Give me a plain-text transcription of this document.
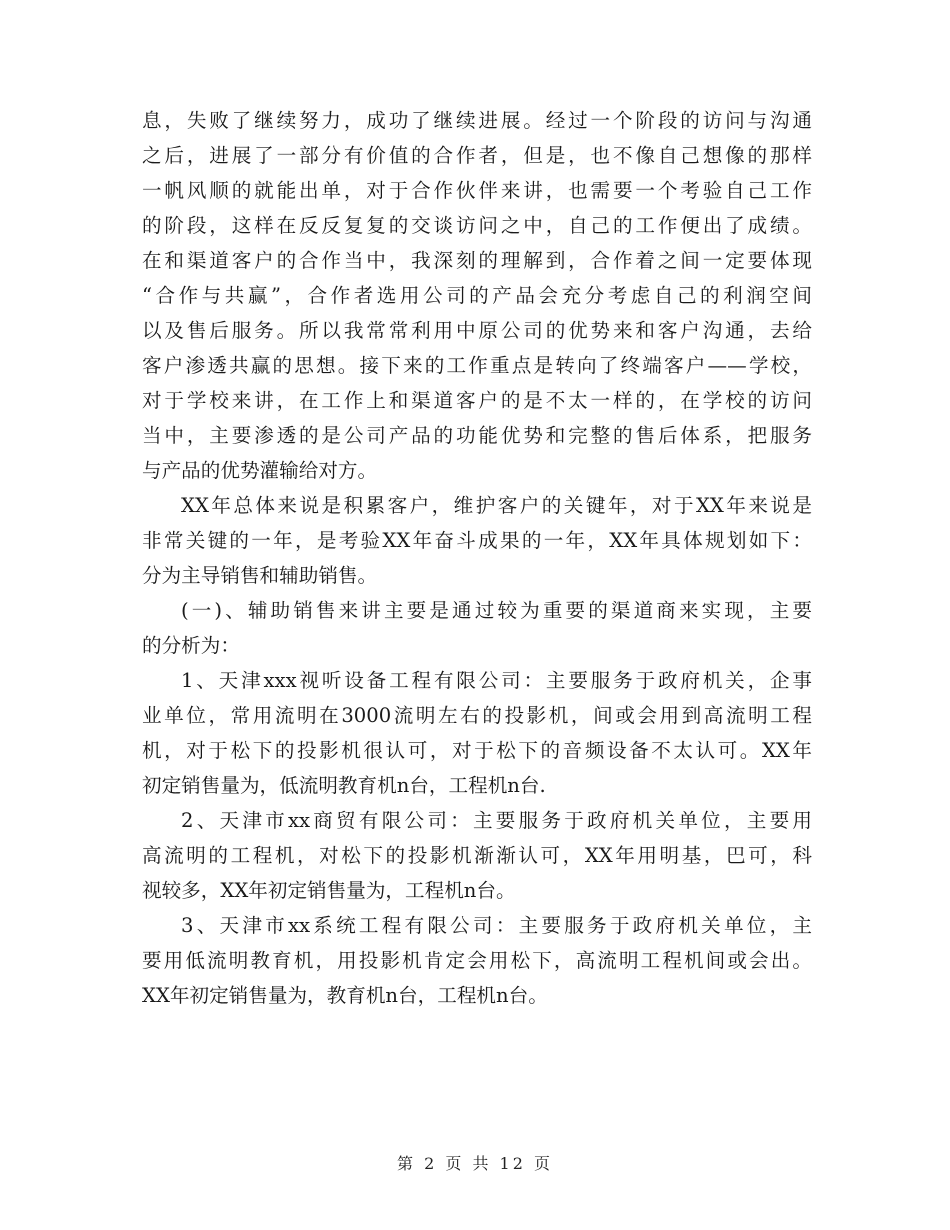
息，失败了继续努力，成功了继续进展。经过一个阶段的访问与沟通
之后，进展了一部分有价值的合作者，但是，也不像自己想像的那样
一帆风顺的就能出单，对于合作伙伴来讲，也需要一个考验自己工作
的阶段，这样在反反复复的交谈访问之中，自己的工作便出了成绩。
在和渠道客户的合作当中，我深刻的理解到，合作着之间一定要体现
“合作与共赢”，合作者选用公司的产品会充分考虑自己的利润空间
以及售后服务。所以我常常利用中原公司的优势来和客户沟通，去给
客户渗透共赢的思想。接下来的工作重点是转向了终端客户——学校，
对于学校来讲，在工作上和渠道客户的是不太一样的，在学校的访问
当中，主要渗透的是公司产品的功能优势和完整的售后体系，把服务
与产品的优势灌输给对方。
XX年总体来说是积累客户，维护客户的关键年，对于XX年来说是
非常关键的一年，是考验XX年奋斗成果的一年，XX年具体规划如下：
分为主导销售和辅助销售。
(一)、辅助销售来讲主要是通过较为重要的渠道商来实现，主要
的分析为：
1、天津xxx视听设备工程有限公司：主要服务于政府机关，企事
业单位，常用流明在3000流明左右的投影机，间或会用到高流明工程
机，对于松下的投影机很认可，对于松下的音频设备不太认可。XX年
初定销售量为，低流明教育机n台，工程机n台.
2、天津市xx商贸有限公司：主要服务于政府机关单位，主要用
高流明的工程机，对松下的投影机渐渐认可，XX年用明基，巴可，科
视较多，XX年初定销售量为，工程机n台。
3、天津市xx系统工程有限公司：主要服务于政府机关单位，主
要用低流明教育机，用投影机肯定会用松下，高流明工程机间或会出。
XX年初定销售量为，教育机n台，工程机n台。
第 2 页 共 12 页
